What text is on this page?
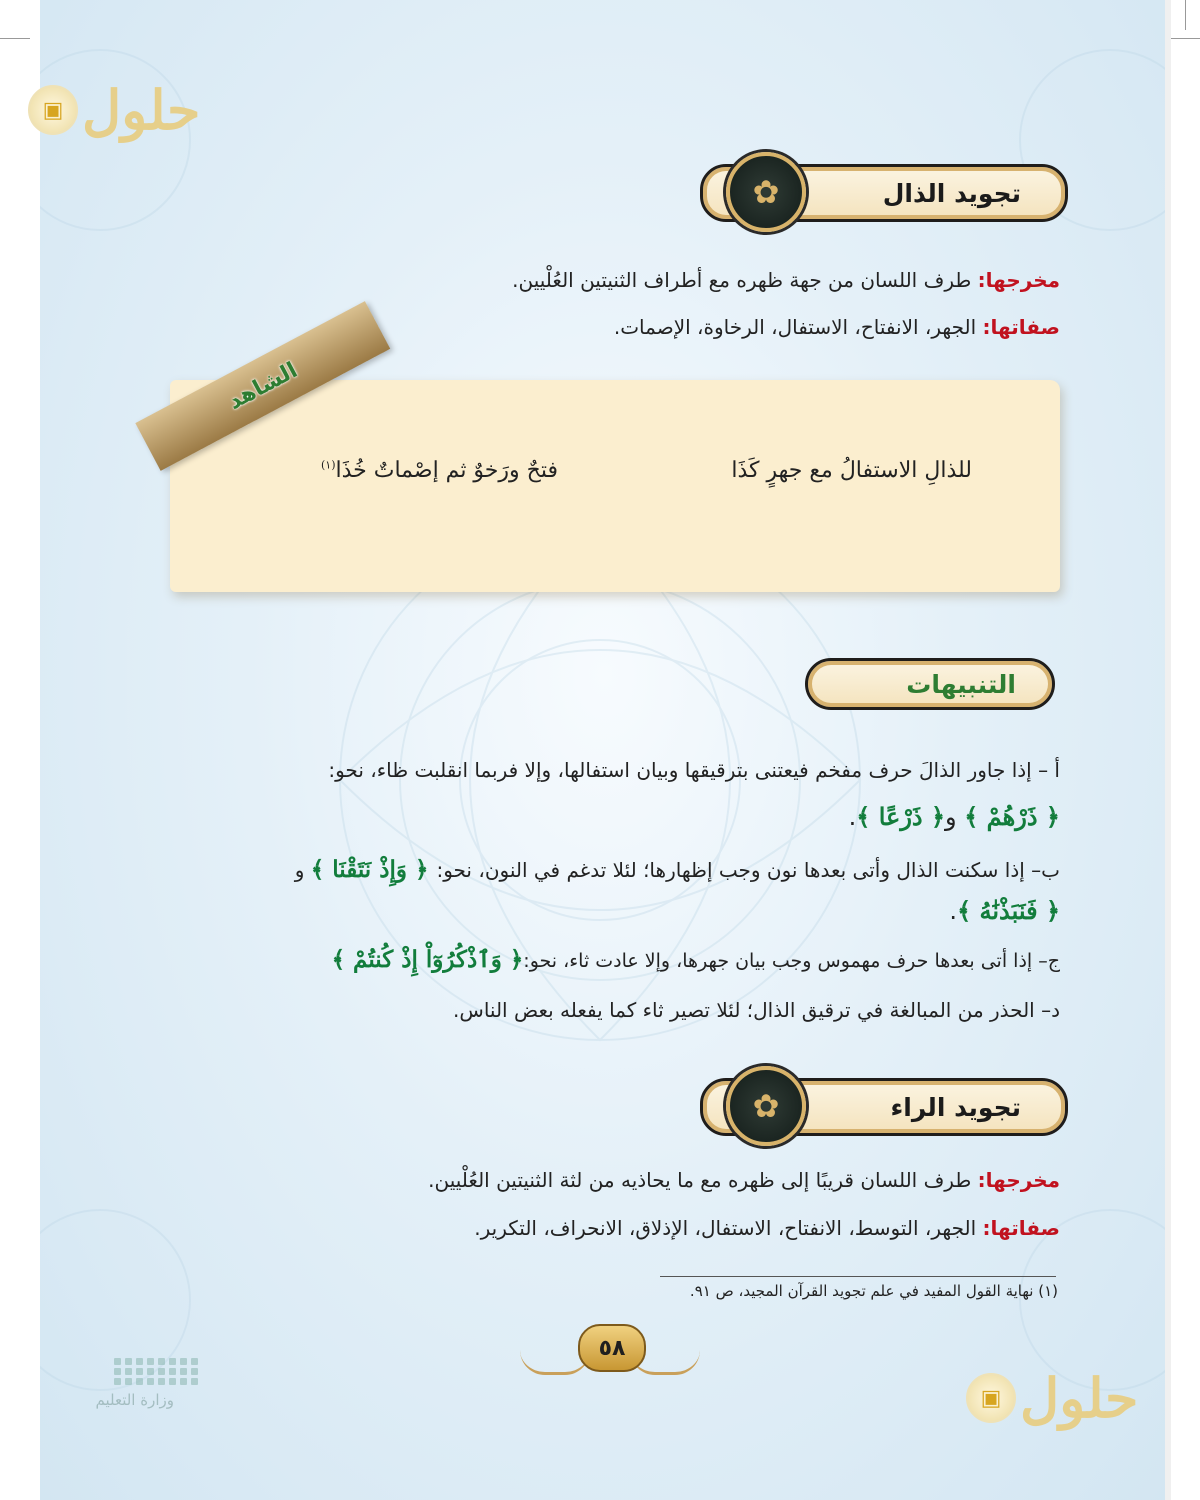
▣ حلول
▣ حلول
تجويد الذال
✿
مخرجها: طرف اللسان من جهة ظهره مع أطراف الثنيتين العُلْيين.
صفاتها: الجهر، الانفتاح، الاستفال، الرخاوة، الإصمات.
الشاهد
للذالِ الاستفالُ مع جهرٍ كَذَا
فتحٌ ورَخوٌ ثم إصْماتٌ خُذَا$^{(١)}$
التنبيهات
أ – إذا جاور الذالَ حرف مفخم فيعتنى بترقيقها وبيان استفالها، وإلا فربما انقلبت ظاء، نحو:
﴿ ذَرْهُمْ ﴾ و﴿ ذَرْعًا ﴾.
ب– إذا سكنت الذال وأتى بعدها نون وجب إظهارها؛ لئلا تدغم في النون، نحو: ﴿ وَإِذْ نَتَقْنَا ﴾ و
﴿ فَنَبَذْنَٰهُ ﴾.
ج– إذا أتى بعدها حرف مهموس وجب بيان جهرها، وإلا عادت ثاء، نحو:﴿ وَٱذْكُرُوٓاْ إِذْ كُنتُمْ ﴾
د– الحذر من المبالغة في ترقيق الذال؛ لئلا تصير ثاء كما يفعله بعض الناس.
تجويد الراء
✿
مخرجها: طرف اللسان قريبًا إلى ظهره مع ما يحاذيه من لثة الثنيتين العُلْيين.
صفاتها: الجهر، التوسط، الانفتاح، الاستفال، الإذلاق، الانحراف، التكرير.
(١) نهاية القول المفيد في علم تجويد القرآن المجيد، ص ٩١.
٥٨
وزارة التعليم
